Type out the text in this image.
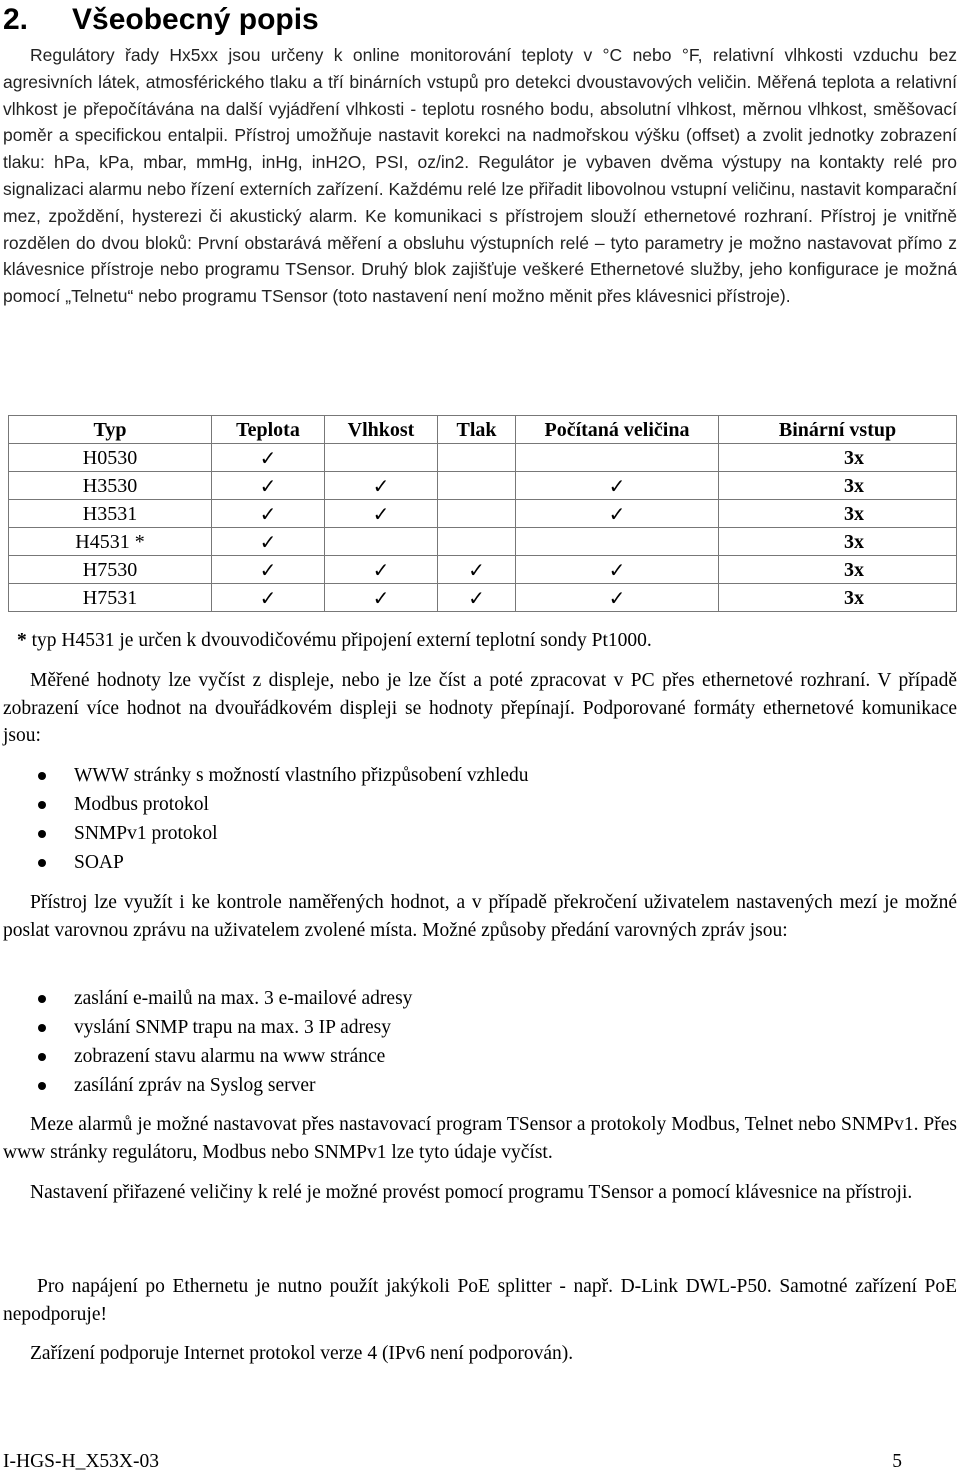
2. Všeobecný popis

Regulátory řady Hx5xx jsou určeny k online monitorování teploty v °C nebo °F, relativní vlhkosti vzduchu bez agresivních látek, atmosférického tlaku a tří binárních vstupů pro detekci dvoustavových veličin. Měřená teplota a relativní vlhkost je přepočítávána na další vyjádření vlhkosti - teplotu rosného bodu, absolutní vlhkost, měrnou vlhkost, směšovací poměr a specifickou entalpii. Přístroj umožňuje nastavit korekci na nadmořskou výšku (offset) a zvolit jednotky zobrazení tlaku: hPa, kPa, mbar, mmHg, inHg, inH2O, PSI, oz/in2. Regulátor je vybaven dvěma výstupy na kontakty relé pro signalizaci alarmu nebo řízení externích zařízení. Každému relé lze přiřadit libovolnou vstupní veličinu, nastavit komparační mez, zpoždění, hysterezi či akustický alarm. Ke komunikaci s přístrojem slouží ethernetové rozhraní. Přístroj je vnitřně rozdělen do dvou bloků: První obstarává měření a obsluhu výstupních relé – tyto parametry je možno nastavovat přímo z klávesnice přístroje nebo programu TSensor. Druhý blok zajišťuje veškeré Ethernetové služby, jeho konfigurace je možná pomocí „Telnetu“ nebo programu TSensor (toto nastavení není možno měnit přes klávesnici přístroje).

Typ	Teplota	Vlhkost	Tlak	Počítaná veličina	Binární vstup
H0530	✓				3x
H3530	✓	✓		✓	3x
H3531	✓	✓		✓	3x
H4531 *	✓				3x
H7530	✓	✓	✓	✓	3x
H7531	✓	✓	✓	✓	3x
* typ H4531 je určen k dvouvodičovému připojení externí teplotní sondy Pt1000.

Měřené hodnoty lze vyčíst z displeje, nebo je lze číst a poté zpracovat v PC přes ethernetové rozhraní. V případě zobrazení více hodnot na dvouřádkovém displeji se hodnoty přepínají. Podporované formáty ethernetové komunikace jsou:

WWW stránky s možností vlastního přizpůsobení vzhledu
Modbus protokol
SNMPv1 protokol
SOAP

Přístroj lze využít i ke kontrole naměřených hodnot, a v případě překročení uživatelem nastavených mezí je možné poslat varovnou zprávu na uživatelem zvolené místa. Možné způsoby předání varovných zpráv jsou:

zaslání e-mailů na max. 3 e-mailové adresy
vyslání SNMP trapu na max. 3 IP adresy
zobrazení stavu alarmu na www stránce
zasílání zpráv na Syslog server

Meze alarmů je možné nastavovat přes nastavovací program TSensor a protokoly Modbus, Telnet nebo SNMPv1. Přes www stránky regulátoru, Modbus nebo SNMPv1 lze tyto údaje vyčíst.

Nastavení přiřazené veličiny k relé je možné provést pomocí programu TSensor a pomocí klávesnice na přístroji.

Pro napájení po Ethernetu je nutno použít jakýkoli PoE splitter - např. D-Link DWL-P50. Samotné zařízení PoE nepodporuje!

Zařízení podporuje Internet protokol verze 4 (IPv6 není podporován).

I-HGS-H_X53X-03	5
